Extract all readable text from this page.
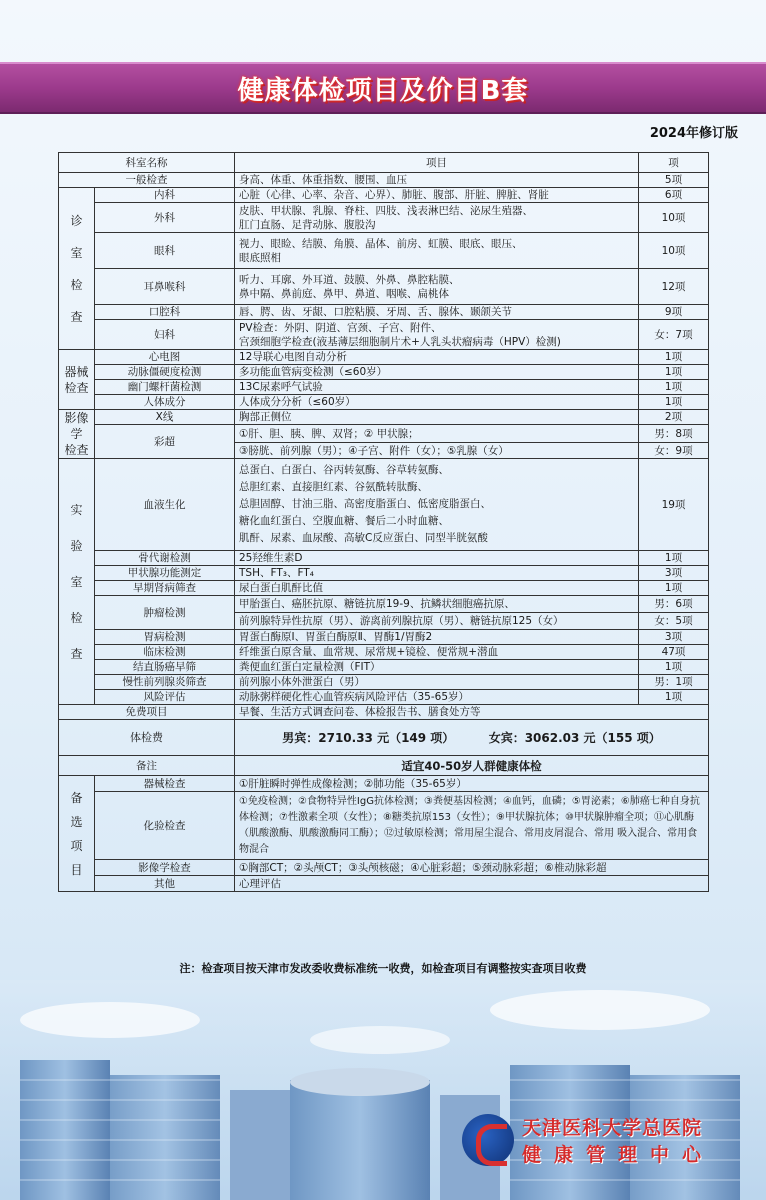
健康体检项目及价目B套
2024年修订版
科室名称		项目	项
一般检查		身高、体重、体重指数、腰围、血压	5项
诊
室
检
查	内科	心脏（心律、心率、杂音、心界）、肺脏、腹部、肝脏、脾脏、肾脏	6项
	外科	皮肤、甲状腺、乳腺、脊柱、四肢、浅表淋巴结、泌尿生殖器、
肛门直肠、足背动脉、腹股沟	10项
	眼科	视力、眼睑、结膜、角膜、晶体、前房、虹膜、眼底、眼压、
眼底照相	10项
	耳鼻喉科	听力、耳廓、外耳道、鼓膜、外鼻、鼻腔粘膜、
鼻中隔、鼻前庭、鼻甲、鼻道、咽喉、扁桃体	12项
	口腔科	唇、腭、齿、牙龈、口腔粘膜、牙周、舌、腺体、颞颌关节	9项
	妇科	PV检查：外阴、阴道、宫颈、子宫、附件、
宫颈细胞学检查(液基薄层细胞制片术+人乳头状瘤病毒（HPV）检测)	女：7项
器械
检查	心电图	12导联心电图自动分析	1项
	动脉僵硬度检测	多功能血管病变检测（≤60岁）	1项
	幽门螺杆菌检测	13C尿素呼气试验	1项
	人体成分	人体成分分析（≤60岁）	1项
影像学
检查	X线	胸部正侧位	2项
	彩超	①肝、胆、胰、脾、双肾；② 甲状腺；	男：8项
		③膀胱、前列腺（男）；④子宫、附件（女）；⑤乳腺（女）	女：9项
实
验
室
检
查	血液生化	总蛋白、白蛋白、谷丙转氨酶、谷草转氨酶、
总胆红素、直接胆红素、谷氨酰转肽酶、
总胆固醇、甘油三脂、高密度脂蛋白、低密度脂蛋白、
糖化血红蛋白、空腹血糖、餐后二小时血糖、
肌酐、尿素、血尿酸、高敏C反应蛋白、同型半胱氨酸	19项
	骨代谢检测	25羟维生素D	1项
	甲状腺功能测定	TSH、FT₃、FT₄	3项
	早期肾病筛查	尿白蛋白肌酐比值	1项
	肿瘤检测	甲胎蛋白、癌胚抗原、糖链抗原19-9、抗鳞状细胞癌抗原、	男：6项
		前列腺特异性抗原（男）、游离前列腺抗原（男）、糖链抗原125（女）	女：5项
	胃病检测	胃蛋白酶原Ⅰ、胃蛋白酶原Ⅱ、胃酶1/胃酶2	3项
	临床检测	纤维蛋白原含量、血常规、尿常规+镜检、便常规+潜血	47项
	结直肠癌早筛	粪便血红蛋白定量检测（FIT）	1项
	慢性前列腺炎筛查	前列腺小体外泄蛋白（男）	男：1项
	风险评估	动脉粥样硬化性心血管疾病风险评估（35-65岁）	1项
免费项目		早餐、生活方式调查问卷、体检报告书、膳食处方等	
体检费		男宾：2710.33 元（149 项） 女宾：3062.03 元（155 项）	
备注		适宜40-50岁人群健康体检	
备
选
项
目	器械检查	①肝脏瞬时弹性成像检测；②肺功能（35-65岁）	
	化验检查	①免疫检测；②食物特异性IgG抗体检测；③粪便基因检测；④血钙，血磷；⑤胃泌素；⑥肺癌七种自身抗体检测；⑦性激素全项（女性）；⑧糖类抗原153（女性）；⑨甲状腺抗体；⑩甲状腺肿瘤全项；⑪心肌酶（肌酸激酶、肌酸激酶同工酶）；⑫过敏原检测；常用屋尘混合、常用皮屑混合、常用 吸入混合、常用食物混合	
	影像学检查	①胸部CT；②头颅CT；③头颅核磁；④心脏彩超；⑤颈动脉彩超；⑥椎动脉彩超	
	其他	心理评估	
注：检查项目按天津市发改委收费标准统一收费，如检查项目有调整按实查项目收费
天津医科大学总医院
健康管理中心
